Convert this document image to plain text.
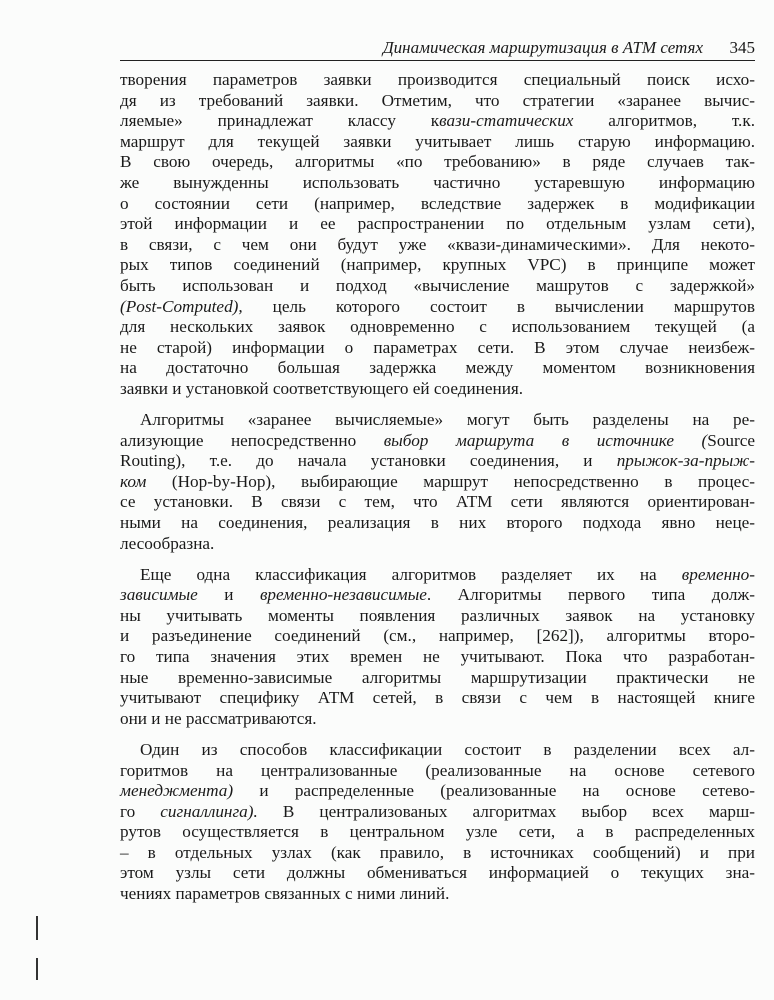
Динамическая маршрутизация в АТМ сетях 345
творения параметров заявки производится специальный поиск исхо-
дя из требований заявки. Отметим, что стратегии «заранее вычис-
ляемые» принадлежат классу квази-статических алгоритмов, т.к.
маршрут для текущей заявки учитывает лишь старую информацию.
В свою очередь, алгоритмы «по требованию» в ряде случаев так-
же вынужденны использовать частично устаревшую информацию
о состоянии сети (например, вследствие задержек в модификации
этой информации и ее распространении по отдельным узлам сети),
в связи, с чем они будут уже «квази-динамическими». Для некото-
рых типов соединений (например, крупных VPC) в принципе может
быть использован и подход «вычисление машрутов с задержкой»
(Post-Computed), цель которого состоит в вычислении маршрутов
для нескольких заявок одновременно с использованием текущей (а
не старой) информации о параметрах сети. В этом случае неизбеж-
на достаточно большая задержка между моментом возникновения
заявки и установкой соответствующего ей соединения.
Алгоритмы «заранее вычисляемые» могут быть разделены на ре-
ализующие непосредственно выбор маршрута в источнике (Source
Routing), т.е. до начала установки соединения, и прыжок-за-прыж-
ком (Hop-by-Hop), выбирающие маршрут непосредственно в процес-
се установки. В связи с тем, что АТМ сети являются ориентирован-
ными на соединения, реализация в них второго подхода явно неце-
лесообразна.
Еще одна классификация алгоритмов разделяет их на временно-
зависимые и временно-независимые. Алгоритмы первого типа долж-
ны учитывать моменты появления различных заявок на установку
и разъединение соединений (см., например, [262]), алгоритмы второ-
го типа значения этих времен не учитывают. Пока что разработан-
ные временно-зависимые алгоритмы маршрутизации практически не
учитывают специфику АТМ сетей, в связи с чем в настоящей книге
они и не рассматриваются.
Один из способов классификации состоит в разделении всех ал-
горитмов на централизованные (реализованные на основе сетевого
менеджмента) и распределенные (реализованные на основе сетево-
го сигналлинга). В централизованых алгоритмах выбор всех марш-
рутов осуществляется в центральном узле сети, а в распределенных
– в отдельных узлах (как правило, в источниках сообщений) и при
этом узлы сети должны обмениваться информацией о текущих зна-
чениях параметров связанных с ними линий.
